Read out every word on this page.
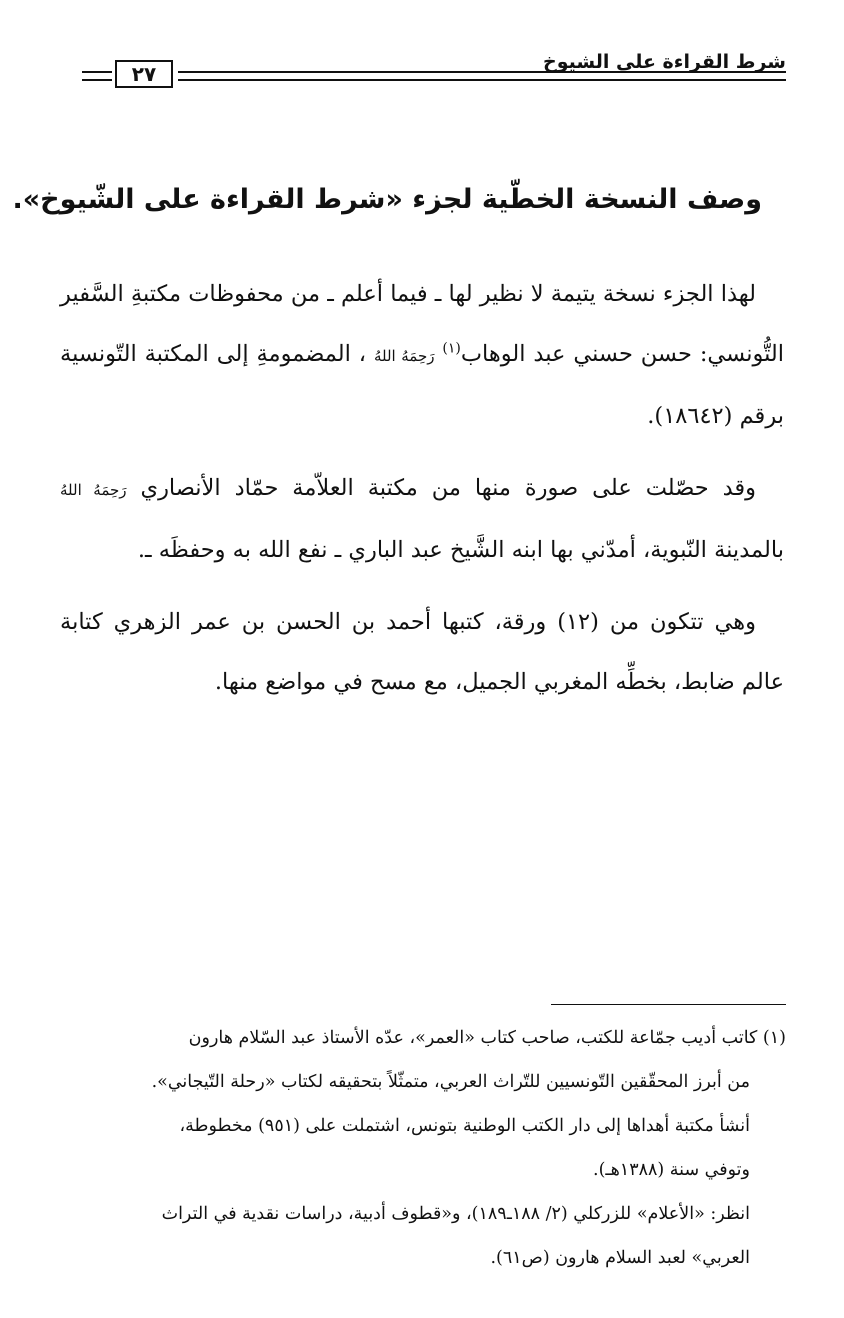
شرط القراءة على الشيوخ
٢٧
وصف النسخة الخطّية لجزء «شرط القراءة على الشّيوخ».

لهذا الجزء نسخة يتيمة لا نظير لها ـ فيما أعلم ـ من محفوظات مكتبةِ السَّفير التُّونسي: حسن حسني عبد الوهاب$^{(١)}$ رَحِمَهُ اللهُ ، المضمومةِ إلى المكتبة التّونسية برقم (١٨٦٤٢).

وقد حصّلت على صورة منها من مكتبة العلاّمة حمّاد الأنصاري رَحِمَهُ اللهُ بالمدينة النّبوية، أمدّني بها ابنه الشَّيخ عبد الباري ـ نفع الله به وحفظَه ـ.

وهي تتكون من (١٢) ورقة، كتبها أحمد بن الحسن بن عمر الزهري كتابة عالم ضابط، بخطِّه المغربي الجميل، مع مسح في مواضع منها.

(١) كاتب أديب جمّاعة للكتب، صاحب كتاب «العمر»، عدّه الأستاذ عبد السّلام هارون

من أبرز المحقّقين التّونسيين للتّراث العربي، متمثّلاً بتحقيقه لكتاب «رحلة التّيجاني».

أنشأ مكتبة أهداها إلى دار الكتب الوطنية بتونس، اشتملت على (٩٥١) مخطوطة،

وتوفي سنة (١٣٨٨هـ).

انظر: «الأعلام» للزركلي (٢/ ١٨٨ـ١٨٩)، و«قطوف أدبية، دراسات نقدية في التراث

العربي» لعبد السلام هارون (ص٦١).
